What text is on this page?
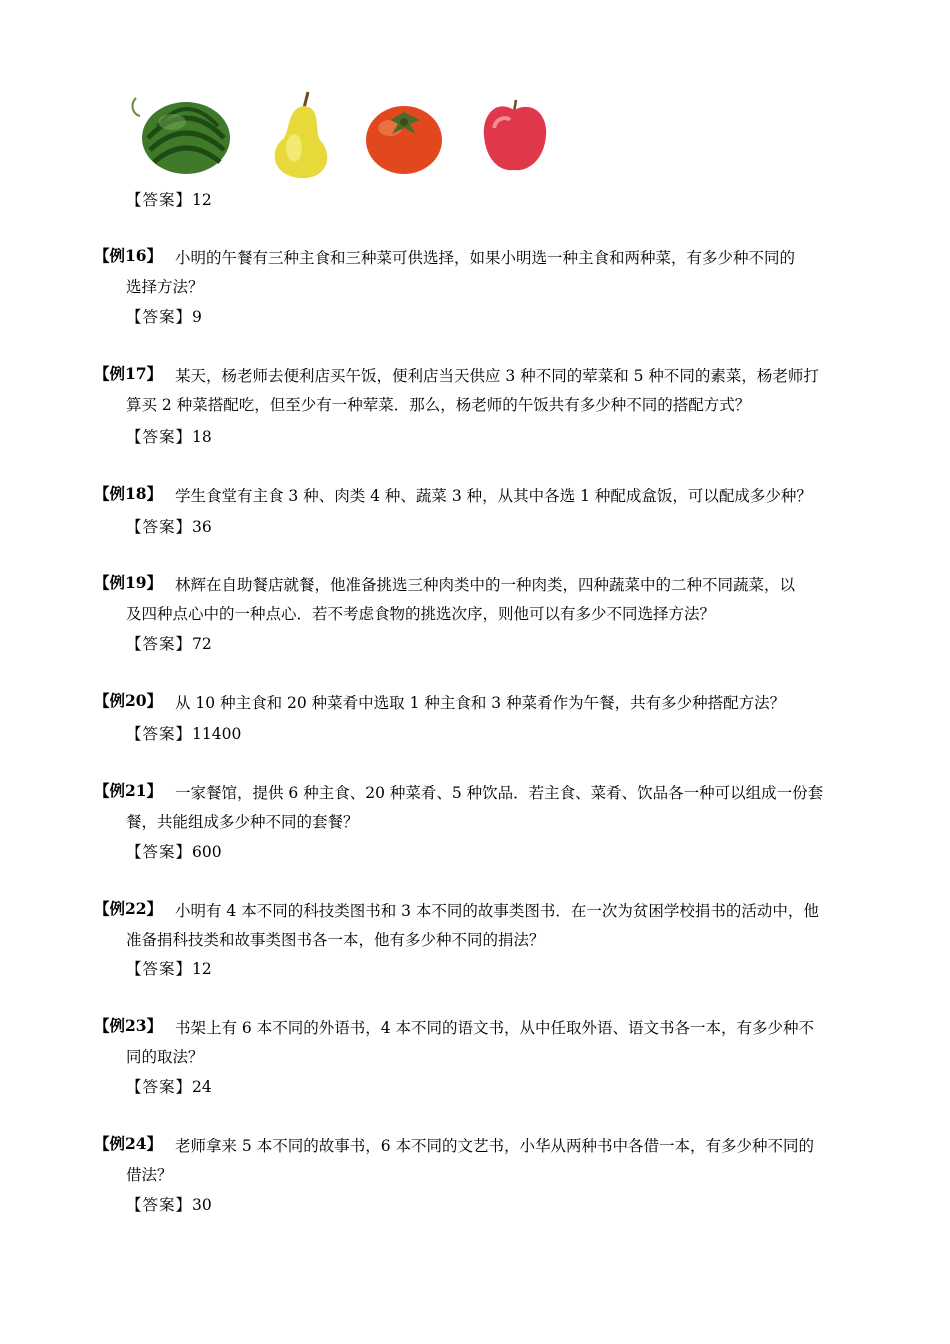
【答案】12
【例16】 小明的午餐有三种主食和三种菜可供选择，如果小明选一种主食和两种菜，有多少种不同的
选择方法？
【答案】9
【例17】 某天，杨老师去便利店买午饭，便利店当天供应 3 种不同的荤菜和 5 种不同的素菜，杨老师打
算买 2 种菜搭配吃，但至少有一种荤菜．那么，杨老师的午饭共有多少种不同的搭配方式？
【答案】18
【例18】 学生食堂有主食 3 种、肉类 4 种、蔬菜 3 种，从其中各选 1 种配成盒饭，可以配成多少种？
【答案】36
【例19】 林辉在自助餐店就餐，他准备挑选三种肉类中的一种肉类，四种蔬菜中的二种不同蔬菜，以
及四种点心中的一种点心．若不考虑食物的挑选次序，则他可以有多少不同选择方法？
【答案】72
【例20】 从 10 种主食和 20 种菜肴中选取 1 种主食和 3 种菜肴作为午餐，共有多少种搭配方法？
【答案】11400
【例21】 一家餐馆，提供 6 种主食、20 种菜肴、5 种饮品．若主食、菜肴、饮品各一种可以组成一份套
餐，共能组成多少种不同的套餐？
【答案】600
【例22】 小明有 4 本不同的科技类图书和 3 本不同的故事类图书．在一次为贫困学校捐书的活动中，他
准备捐科技类和故事类图书各一本，他有多少种不同的捐法？
【答案】12
【例23】 书架上有 6 本不同的外语书，4 本不同的语文书，从中任取外语、语文书各一本，有多少种不
同的取法？
【答案】24
【例24】 老师拿来 5 本不同的故事书，6 本不同的文艺书，小华从两种书中各借一本，有多少种不同的
借法？
【答案】30
